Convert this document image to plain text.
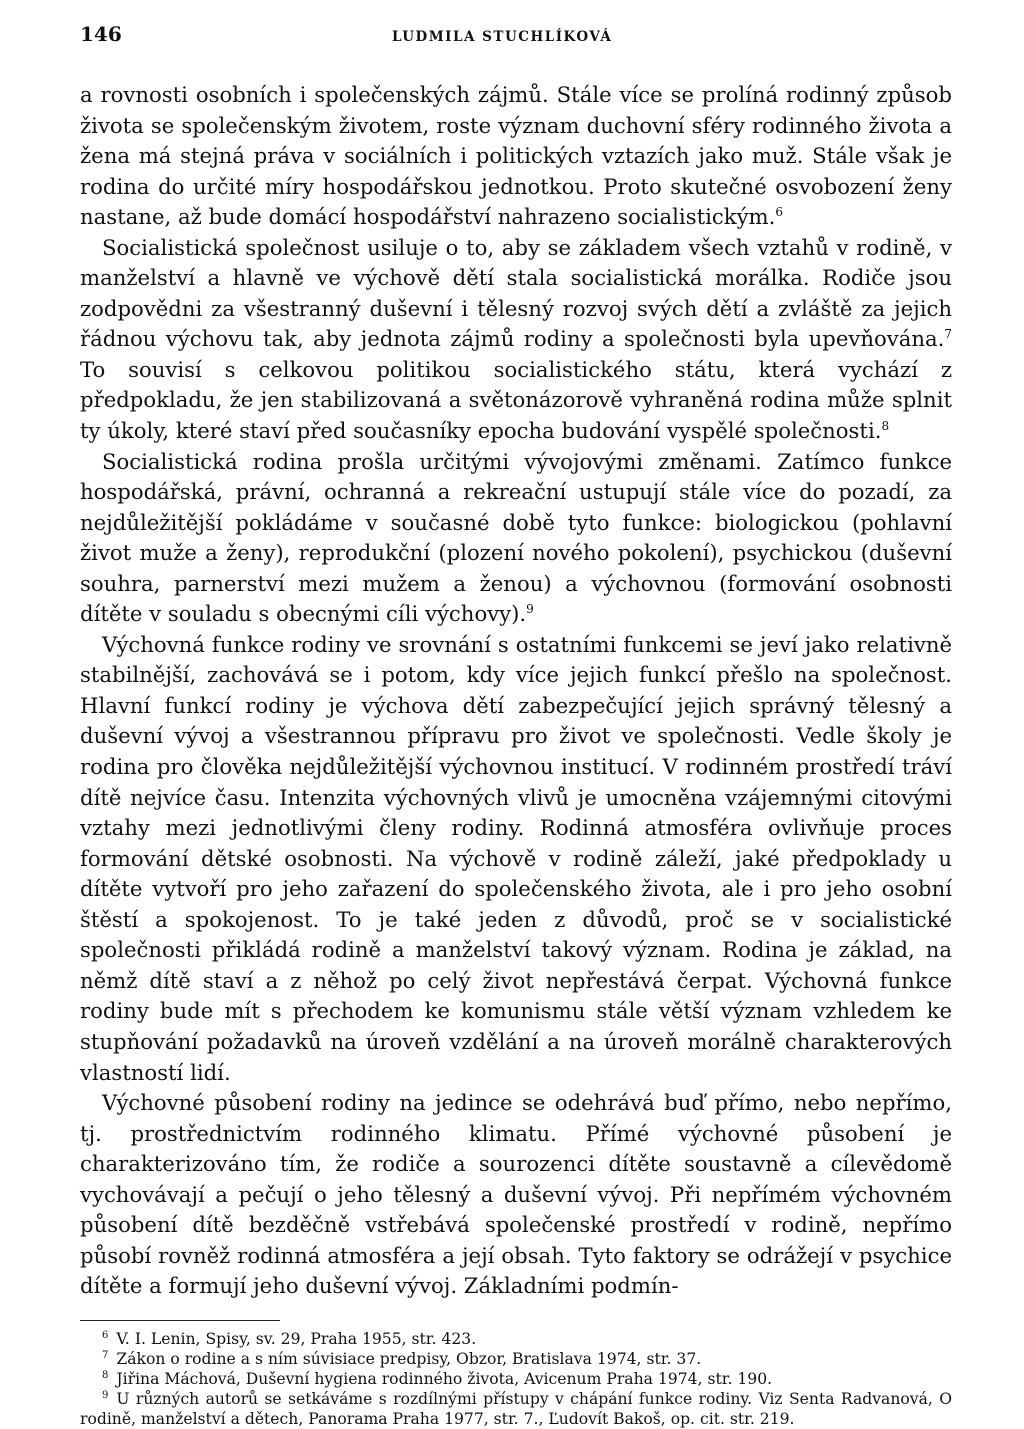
146	LUDMILA STUCHLÍKOVÁ

a rovnosti osobních i společenských zájmů. Stále více se prolíná rodinný způsob života se společenským životem, roste význam duchovní sféry rodinného života a žena má stejná práva v sociálních i politických vztazích jako muž. Stále však je rodina do určité míry hospodářskou jednotkou. Proto skutečné osvobození ženy nastane, až bude domácí hospodářství nahrazeno socialistickým.$^6$

Socialistická společnost usiluje o to, aby se základem všech vztahů v rodině, v manželství a hlavně ve výchově dětí stala socialistická morálka. Rodiče jsou zodpovědni za všestranný duševní i tělesný rozvoj svých dětí a zvláště za jejich řádnou výchovu tak, aby jednota zájmů rodiny a společnosti byla upevňována.$^7$ To souvisí s celkovou politikou socialistického státu, která vychází z předpokladu, že jen stabilizovaná a světonázorově vyhraněná rodina může splnit ty úkoly, které staví před současníky epocha budování vyspělé společnosti.$^8$

Socialistická rodina prošla určitými vývojovými změnami. Zatímco funkce hospodářská, právní, ochranná a rekreační ustupují stále více do pozadí, za nejdůležitější pokládáme v současné době tyto funkce: biologickou (pohlavní život muže a ženy), reprodukční (plození nového pokolení), psychickou (duševní souhra, parnerství mezi mužem a ženou) a výchovnou (formování osobnosti dítěte v souladu s obecnými cíli výchovy).$^9$

Výchovná funkce rodiny ve srovnání s ostatními funkcemi se jeví jako relativně stabilnější, zachovává se i potom, kdy více jejich funkcí přešlo na společnost. Hlavní funkcí rodiny je výchova dětí zabezpečující jejich správný tělesný a duševní vývoj a všestrannou přípravu pro život ve společnosti. Vedle školy je rodina pro člověka nejdůležitější výchovnou institucí. V rodinném prostředí tráví dítě nejvíce času. Intenzita výchovných vlivů je umocněna vzájemnými citovými vztahy mezi jednotlivými členy rodiny. Rodinná atmosféra ovlivňuje proces formování dětské osobnosti. Na výchově v rodině záleží, jaké předpoklady u dítěte vytvoří pro jeho zařazení do společenského života, ale i pro jeho osobní štěstí a spokojenost. To je také jeden z důvodů, proč se v socialistické společnosti přikládá rodině a manželství takový význam. Rodina je základ, na němž dítě staví a z něhož po celý život nepřestává čerpat. Výchovná funkce rodiny bude mít s přechodem ke komunismu stále větší význam vzhledem ke stupňování požadavků na úroveň vzdělání a na úroveň morálně charakterových vlastností lidí.

Výchovné působení rodiny na jedince se odehrává buď přímo, nebo nepřímo, tj. prostřednictvím rodinného klimatu. Přímé výchovné působení je charakterizováno tím, že rodiče a sourozenci dítěte soustavně a cílevědomě vychovávají a pečují o jeho tělesný a duševní vývoj. Při nepřímém výchovném působení dítě bezděčně vstřebává společenské prostředí v rodině, nepřímo působí rovněž rodinná atmosféra a její obsah. Tyto faktory se odrážejí v psychice dítěte a formují jeho duševní vývoj. Základními podmín-

$^6$ V. I. Lenin, Spisy, sv. 29, Praha 1955, str. 423.
$^7$ Zákon o rodine a s ním súvisiace predpisy, Obzor, Bratislava 1974, str. 37.
$^8$ Jiřina Máchová, Duševní hygiena rodinného života, Avicenum Praha 1974, str. 190.
$^9$ U různých autorů se setkáváme s rozdílnými přístupy v chápání funkce rodiny. Viz Senta Radvanová, O rodině, manželství a dětech, Panorama Praha 1977, str. 7., Ľudovít Bakoš, op. cit. str. 219.
